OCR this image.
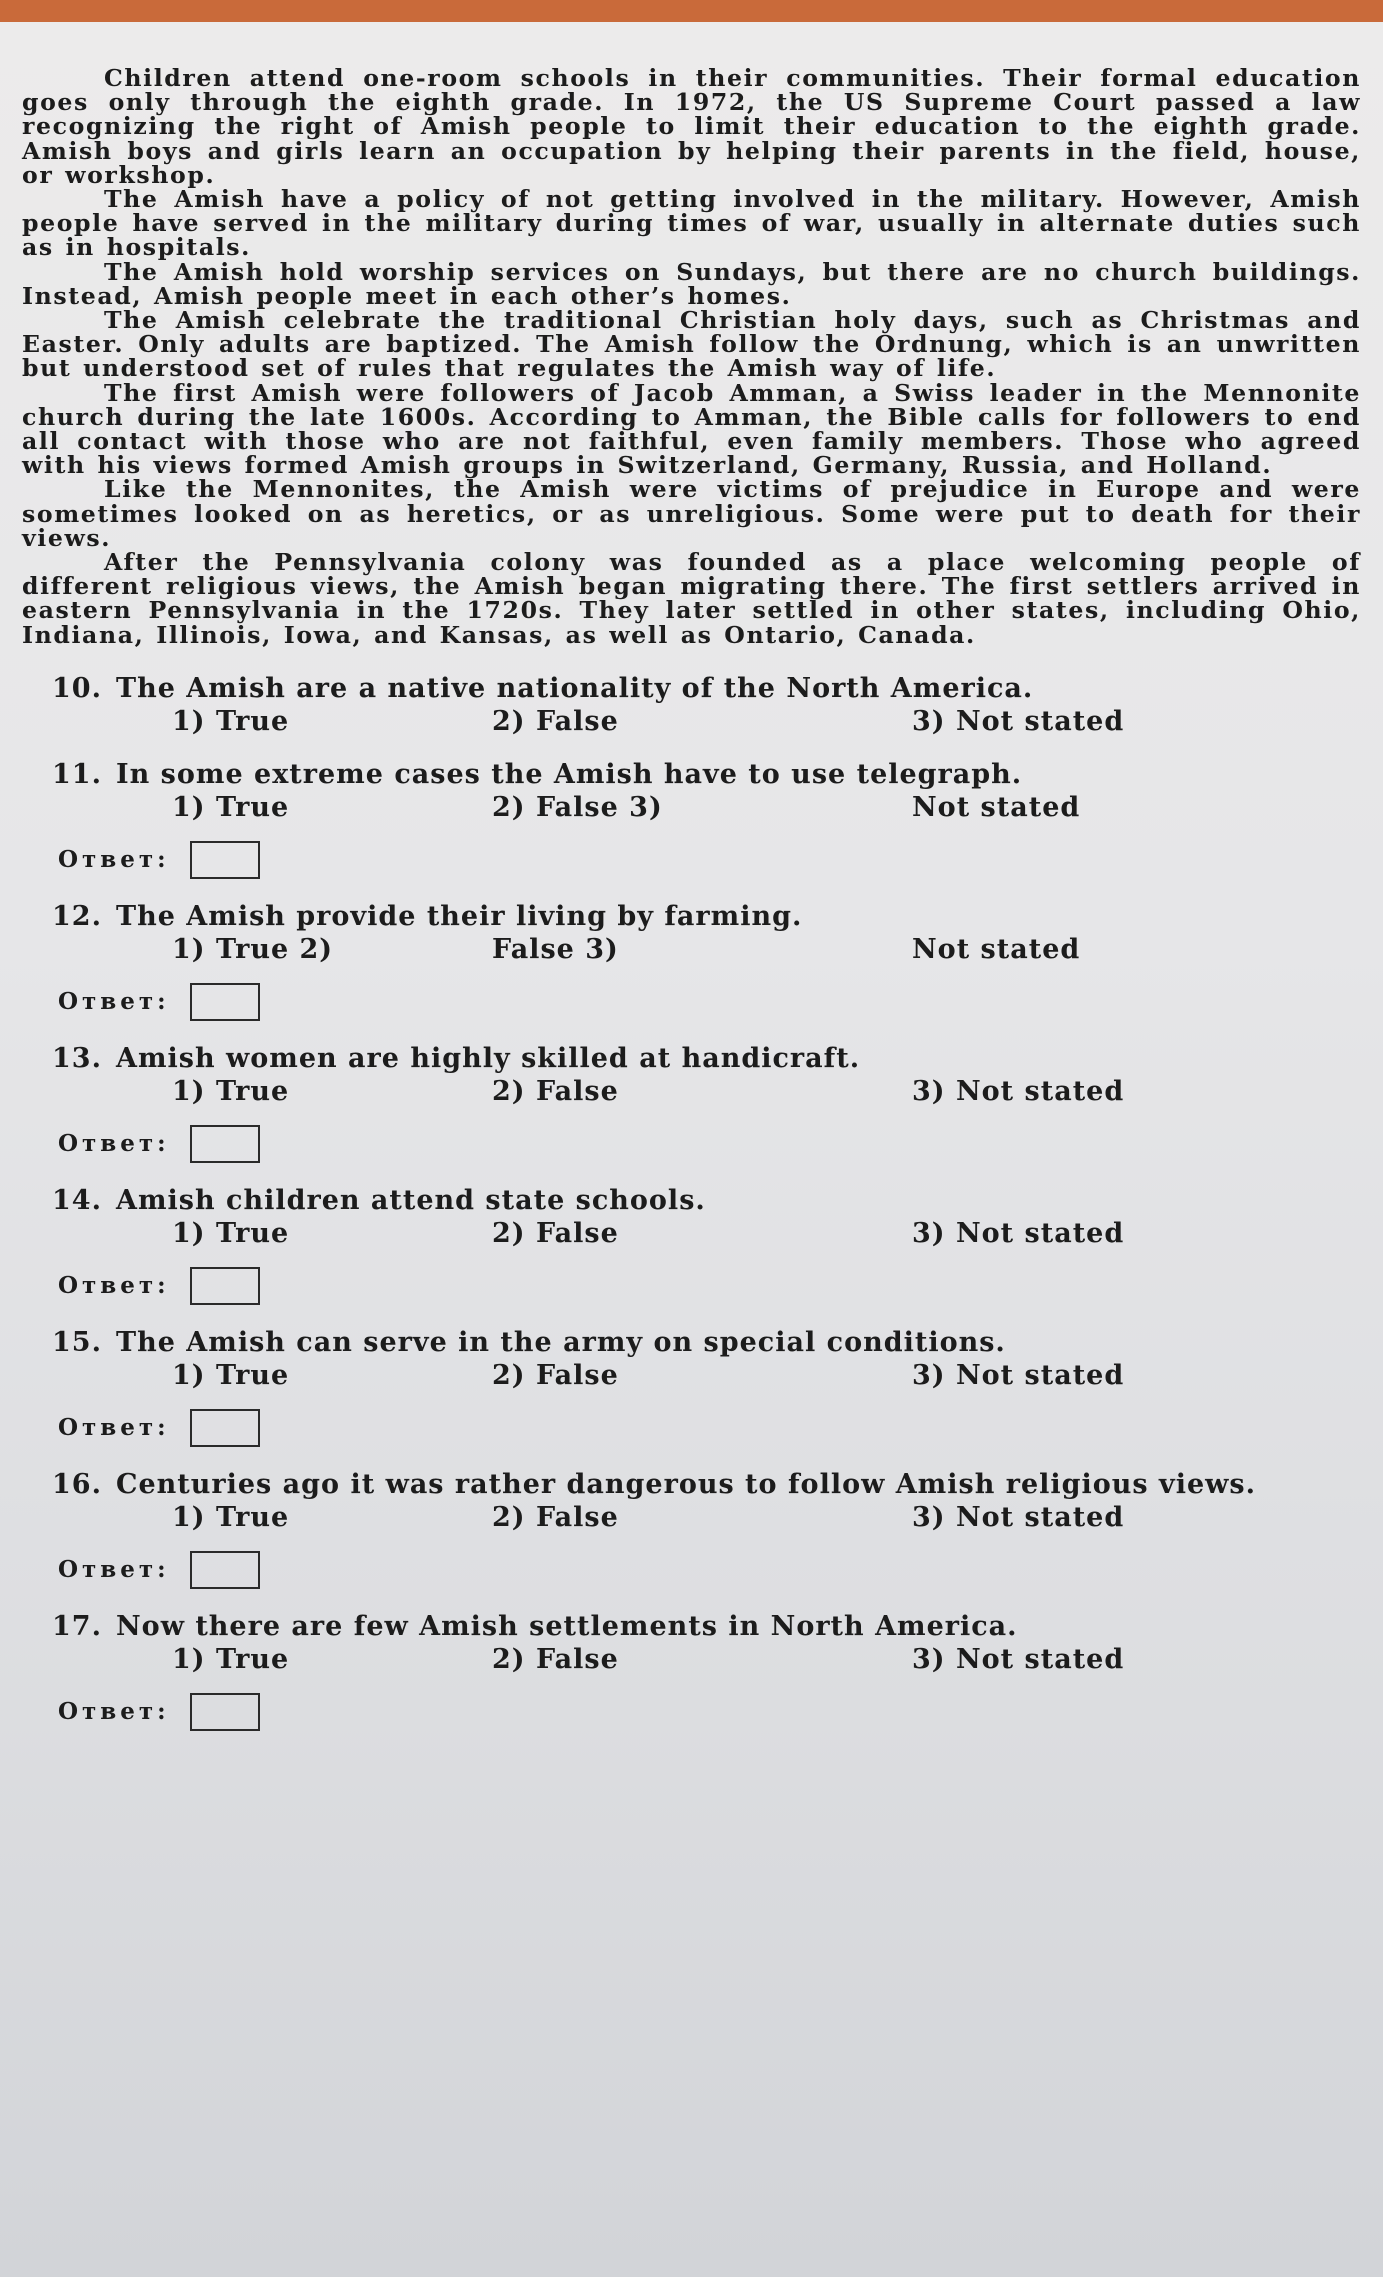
Children attend one-room schools in their communities. Their formal education goes only through the eighth grade. In 1972, the US Supreme Court passed a law recognizing the right of Amish people to limit their education to the eighth grade. Amish boys and girls learn an occupation by helping their parents in the field, house, or workshop.

The Amish have a policy of not getting involved in the military. However, Amish people have served in the military during times of war, usually in alternate duties such as in hospitals.

The Amish hold worship services on Sundays, but there are no church buildings. Instead, Amish people meet in each other’s homes.

The Amish celebrate the traditional Christian holy days, such as Christmas and Easter. Only adults are baptized. The Amish follow the Ordnung, which is an unwritten but understood set of rules that regulates the Amish way of life.

The first Amish were followers of Jacob Amman, a Swiss leader in the Mennonite church during the late 1600s. According to Amman, the Bible calls for followers to end all contact with those who are not faithful, even family members. Those who agreed with his views formed Amish groups in Switzerland, Germany, Russia, and Holland.

Like the Mennonites, the Amish were victims of prejudice in Europe and were sometimes looked on as heretics, or as unreligious. Some were put to death for their views.

After the Pennsylvania colony was founded as a place welcoming people of different religious views, the Amish began migrating there. The first settlers arrived in eastern Pennsylvania in the 1720s. They later settled in other states, including Ohio, Indiana, Illinois, Iowa, and Kansas, as well as Ontario, Canada.

10. The Amish are a native nationality of the North America.
1) True	2) False	3) Not stated
11. In some extreme cases the Amish have to use telegraph.
1) True	2) False 3)	Not stated
Ответ:
12. The Amish provide their living by farming.
1) True 2)	False 3)	Not stated
Ответ:
13. Amish women are highly skilled at handicraft.
1) True	2) False	3) Not stated
Ответ:
14. Amish children attend state schools.
1) True	2) False	3) Not stated
Ответ:
15. The Amish can serve in the army on special conditions.
1) True	2) False	3) Not stated
Ответ:
16. Centuries ago it was rather dangerous to follow Amish religious views.
1) True	2) False	3) Not stated
Ответ:
17. Now there are few Amish settlements in North America.
1) True	2) False	3) Not stated
Ответ:
